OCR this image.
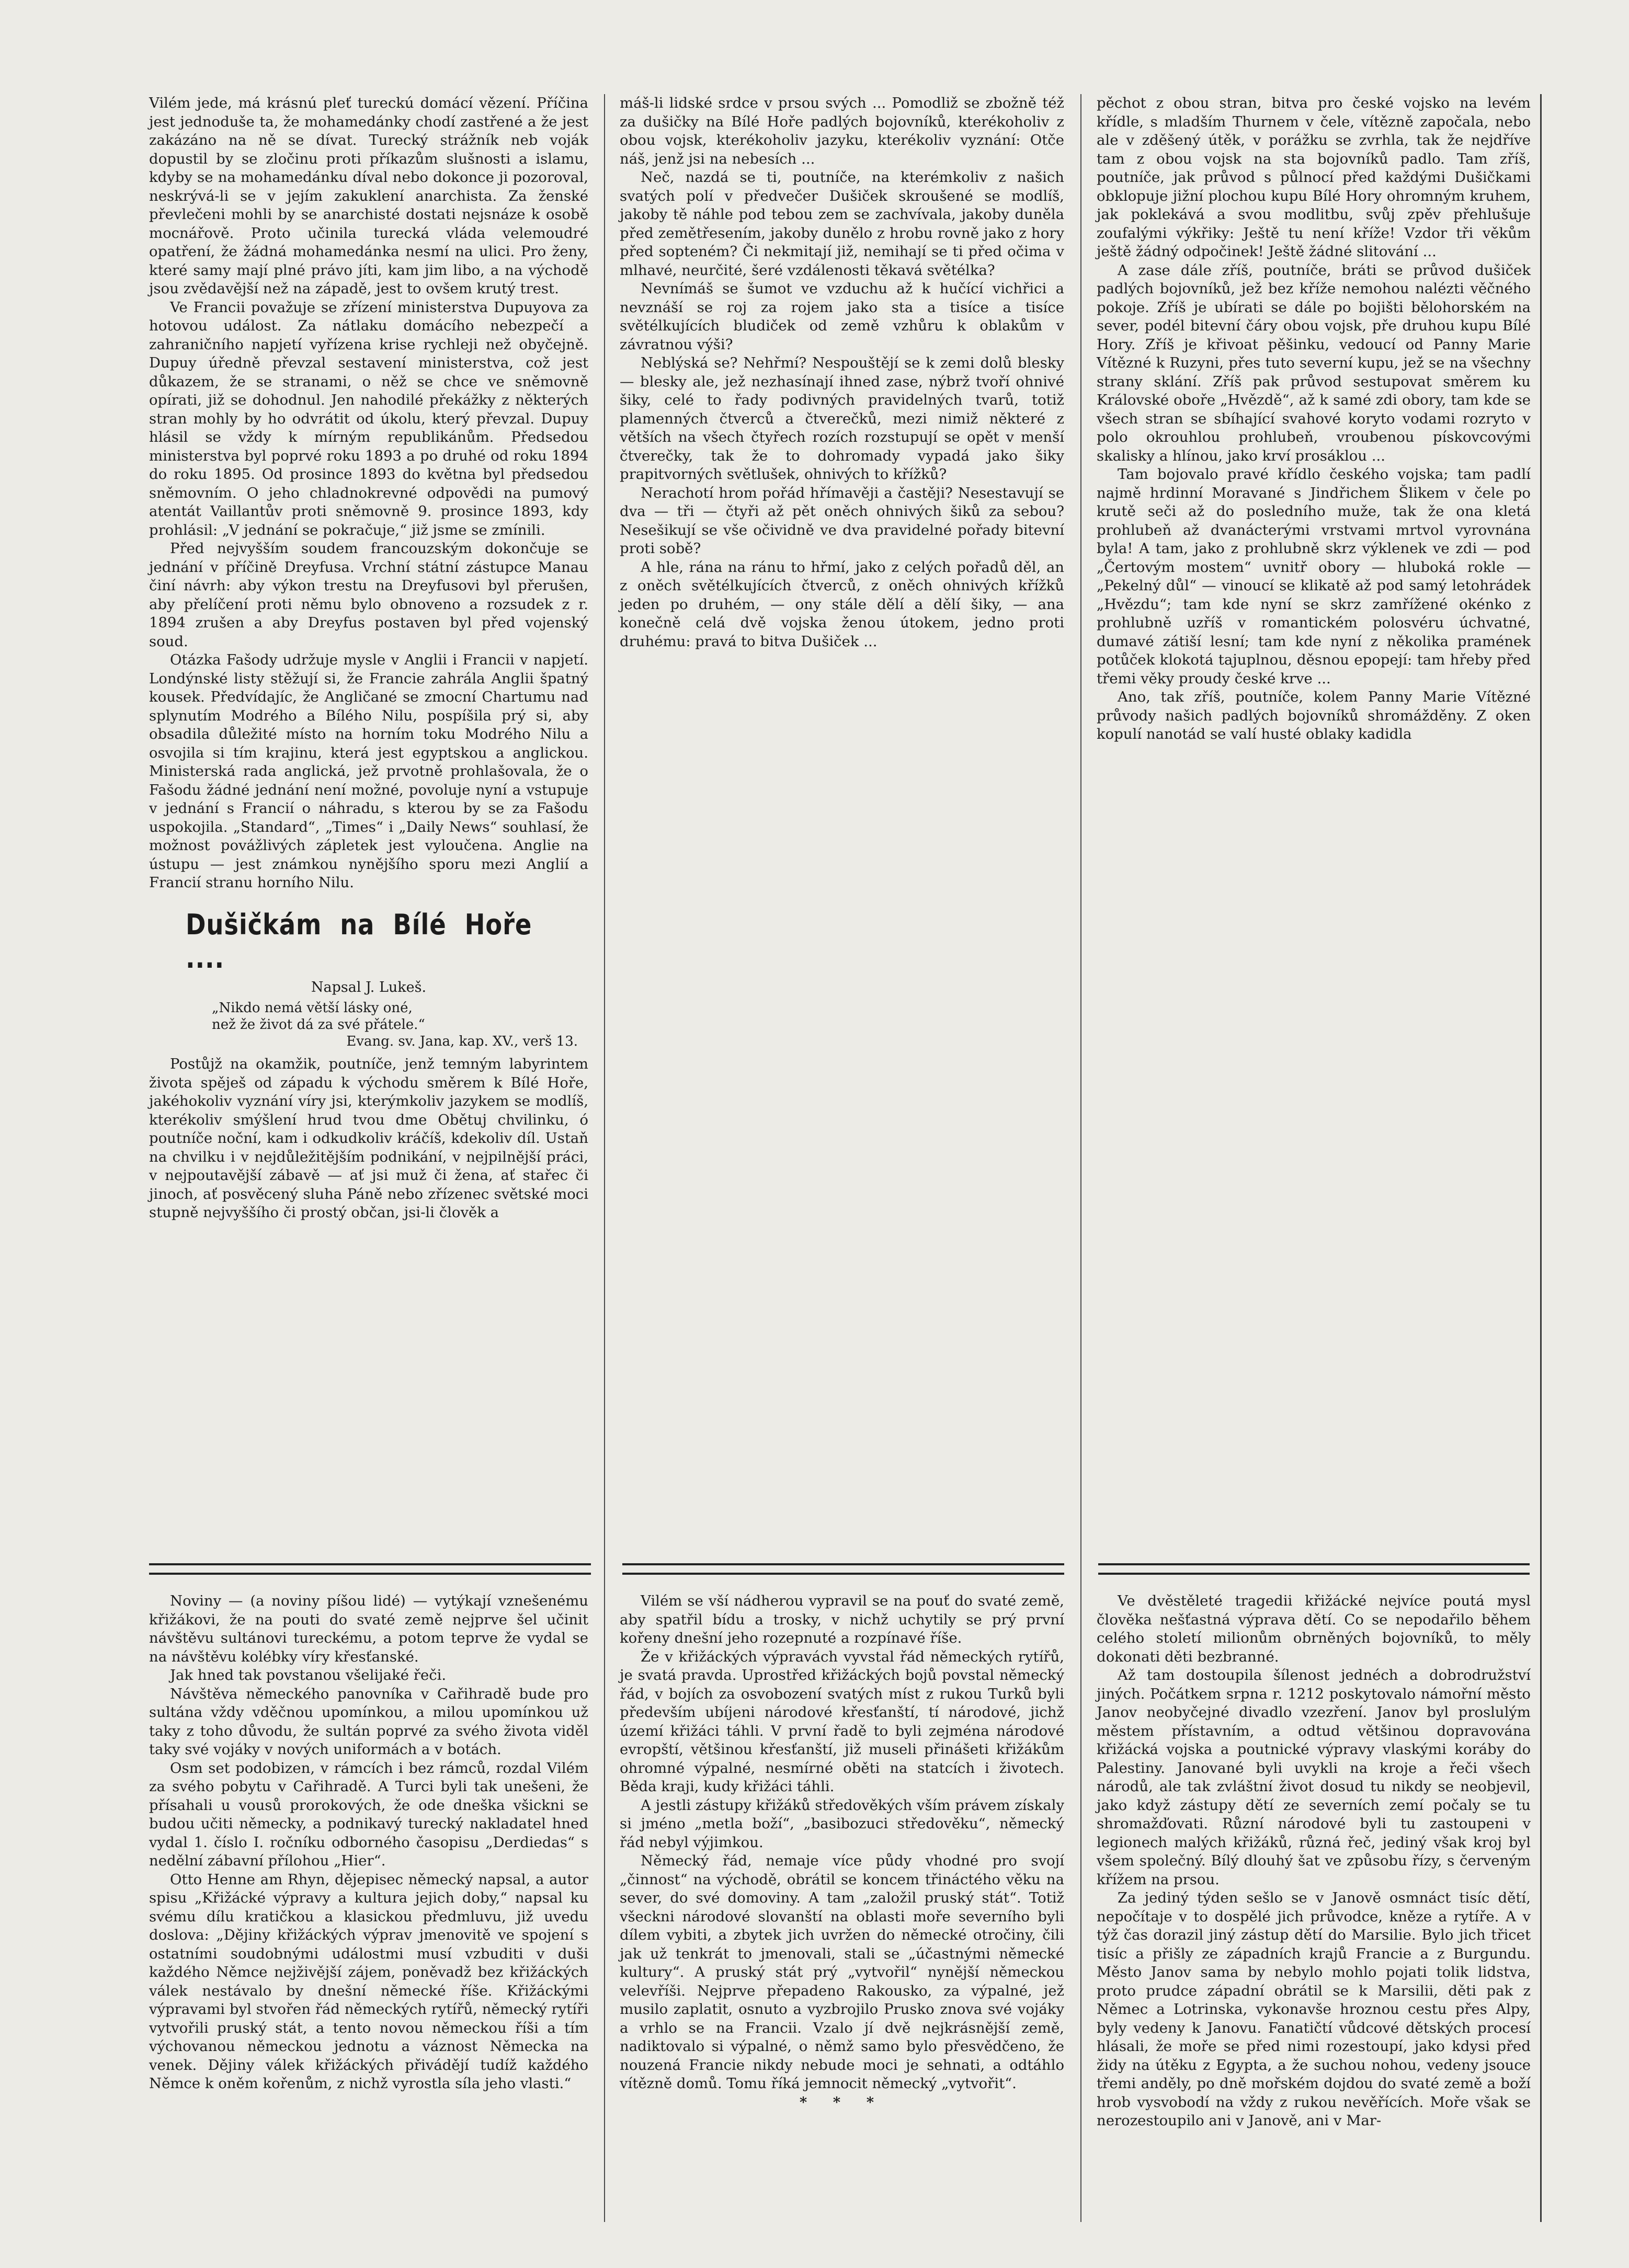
Vilém jede, má krásnú pleť tureckú domácí vězení. Příčina jest jednoduše ta, že mohamedánky chodí zastřené a že jest zakázáno na ně se dívat. Turecký strážník neb voják dopustil by se zločinu proti příkazům slušnosti a islamu, kdyby se na mohamedánku díval nebo dokonce ji pozoroval, neskrývá-li se v jejím zakuklení anarchista. Za ženské převlečeni mohli by se anarchisté dostati nejsnáze k osobě mocnářově. Proto učinila turecká vláda velemoudré opatření, že žádná mohamedánka nesmí na ulici. Pro ženy, které samy mají plné právo jíti, kam jim libo, a na východě jsou zvědavější než na západě, jest to ovšem krutý trest.

Ve Francii považuje se zřízení ministerstva Dupuyova za hotovou událost. Za nátlaku domácího nebezpečí a zahraničního napjetí vyřízena krise rychleji než obyčejně. Dupuy úředně převzal sestavení ministerstva, což jest důkazem, že se stranami, o něž se chce ve sněmovně opírati, již se dohodnul. Jen nahodilé překážky z některých stran mohly by ho odvrátit od úkolu, který převzal. Dupuy hlásil se vždy k mírným republikánům. Předsedou ministerstva byl poprvé roku 1893 a po druhé od roku 1894 do roku 1895. Od prosince 1893 do května byl předsedou sněmovním. O jeho chladnokrevné odpovědi na pumový atentát Vaillantův proti sněmovně 9. prosince 1893, kdy prohlásil: „V jednání se pokračuje,“ již jsme se zmínili.

Před nejvyšším soudem francouzským dokončuje se jednání v příčině Dreyfusa. Vrchní státní zástupce Manau činí návrh: aby výkon trestu na Dreyfusovi byl přerušen, aby přelíčení proti němu bylo obnoveno a rozsudek z r. 1894 zrušen a aby Dreyfus postaven byl před vojenský soud.

Otázka Fašody udržuje mysle v Anglii i Francii v napjetí. Londýnské listy stěžují si, že Francie zahrála Anglii špatný kousek. Předvídajíc, že Angličané se zmocní Chartumu nad splynutím Modrého a Bílého Nilu, pospíšila prý si, aby obsadila důležité místo na horním toku Modrého Nilu a osvojila si tím krajinu, která jest egyptskou a anglickou. Ministerská rada anglická, jež prvotně prohlašovala, že o Fašodu žádné jednání není možné, povoluje nyní a vstupuje v jednání s Francií o náhradu, s kterou by se za Fašodu uspokojila. „Standard“, „Times“ i „Daily News“ souhlasí, že možnost povážlivých zápletek jest vyloučena. Anglie na ústupu — jest známkou nynějšího sporu mezi Anglií a Francií stranu horního Nilu.

Dušičkám na Bílé Hoře ....
Napsal J. Lukeš.
„Nikdo nemá větší lásky oné,
než že život dá za své přátele.“
Evang. sv. Jana, kap. XV., verš 13.

Postůjž na okamžik, poutníče, jenž temným labyrintem života spěješ od západu k východu směrem k Bílé Hoře, jakéhokoliv vyznání víry jsi, kterýmkoliv jazykem se modlíš, kterékoliv smýšlení hrud tvou dme Obětuj chvilinku, ó poutníče noční, kam i odkudkoliv kráčíš, kdekoliv díl. Ustaň na chvilku i v nejdůležitějším podnikání, v nejpilnější práci, v nejpoutavější zábavě — ať jsi muž či žena, ať stařec či jinoch, ať posvěcený sluha Páně nebo zřízenec světské moci stupně nejvyššího či prostý občan, jsi-li člověk a

máš-li lidské srdce v prsou svých ... Pomodliž se zbožně též za dušičky na Bílé Hoře padlých bojovníků, kterékoholiv z obou vojsk, kterékoholiv jazyku, kterékoliv vyznání: Otče náš, jenž jsi na nebesích ...

Neč, nazdá se ti, poutníče, na kterémkoliv z našich svatých polí v předvečer Dušiček skroušené se modlíš, jakoby tě náhle pod tebou zem se zachvívala, jakoby duněla před zemětřesením, jakoby dunělo z hrobu rovně jako z hory před sopteném? Či nekmitají již, nemihají se ti před očima v mlhavé, neurčité, šeré vzdálenosti těkavá světélka?

Nevnímáš se šumot ve vzduchu až k hučící vichřici a nevznáší se roj za rojem jako sta a tisíce a tisíce světélkujících bludiček od země vzhůru k oblakům v závratnou výši?

Neblýská se? Nehřmí? Nespouštějí se k zemi dolů blesky — blesky ale, jež nezhasínají ihned zase, nýbrž tvoří ohnivé šiky, celé to řady podivných pravidelných tvarů, totiž plamenných čtverců a čtverečků, mezi nimiž některé z větších na všech čtyřech rozích rozstupují se opět v menší čtverečky, tak že to dohromady vypadá jako šiky prapitvorných světlušek, ohnivých to křížků?

Nerachotí hrom pořád hřímavěji a častěji? Nesestavují se dva — tři — čtyři až pět oněch ohnivých šiků za sebou? Nesešikují se vše očividně ve dva pravidelné pořady bitevní proti sobě?

A hle, rána na ránu to hřmí, jako z celých pořadů děl, an z oněch světélkujících čtverců, z oněch ohnivých křížků jeden po druhém, — ony stále dělí a dělí šiky, — ana konečně celá dvě vojska ženou útokem, jedno proti druhému: pravá to bitva Dušiček ...

pěchot z obou stran, bitva pro české vojsko na levém křídle, s mladším Thurnem v čele, vítězně započala, nebo ale v zděšený útěk, v porážku se zvrhla, tak že nejdříve tam z obou vojsk na sta bojovníků padlo. Tam zříš, poutníče, jak průvod s půlnocí před každými Dušičkami obklopuje jižní plochou kupu Bílé Hory ohromným kruhem, jak poklekává a svou modlitbu, svůj zpěv přehlušuje zoufalými výkřiky: Ještě tu není kříže! Vzdor tři věkům ještě žádný odpočinek! Ještě žádné slitování ...

A zase dále zříš, poutníče, bráti se průvod dušiček padlých bojovníků, jež bez kříže nemohou nalézti věčného pokoje. Zříš je ubírati se dále po bojišti bělohorském na sever, podél bitevní čáry obou vojsk, pře druhou kupu Bílé Hory. Zříš je křivoat pěšinku, vedoucí od Panny Marie Vítězné k Ruzyni, přes tuto severní kupu, jež se na všechny strany sklání. Zříš pak průvod sestupovat směrem ku Královské oboře „Hvězdě“, až k samé zdi obory, tam kde se všech stran se sbíhající svahové koryto vodami rozryto v polo okrouhlou prohlubeň, vroubenou pískovcovými skalisky a hlínou, jako krví prosáklou ...

Tam bojovalo pravé křídlo českého vojska; tam padlí najmě hrdinní Moravané s Jindřichem Šlikem v čele po krutě seči až do posledního muže, tak že ona kletá prohlubeň až dvanácterými vrstvami mrtvol vyrovnána byla! A tam, jako z prohlubně skrz výklenek ve zdi — pod „Čertovým mostem“ uvnitř obory — hluboká rokle — „Pekelný důl“ — vinoucí se klikatě až pod samý letohrádek „Hvězdu“; tam kde nyní se skrz zamřížené okénko z prohlubně uzříš v romantickém polosvéru úchvatné, dumavé zátiší lesní; tam kde nyní z několika pramének potůček klokotá tajuplnou, děsnou epopejí: tam hřeby před třemi věky proudy české krve ...

Ano, tak zříš, poutníče, kolem Panny Marie Vítězné průvody našich padlých bojovníků shromážděny. Z oken kopulí nanotád se valí husté oblaky kadidla

Noviny — (a noviny píšou lidé) — vytýkají vznešenému křižákovi, že na pouti do svaté země nejprve šel učinit návštěvu sultánovi tureckému, a potom teprve že vydal se na návštěvu kolébky víry křesťanské.

Jak hned tak povstanou všelijaké řeči.

Návštěva německého panovníka v Cařihradě bude pro sultána vždy vděčnou upomínkou, a milou upomínkou už taky z toho důvodu, že sultán poprvé za svého života viděl taky své vojáky v nových uniformách a v botách.

Osm set podobizen, v rámcích i bez rámců, rozdal Vilém za svého pobytu v Cařihradě. A Turci byli tak unešeni, že přísahali u vousů prorokových, že ode dneška všickni se budou učiti německy, a podnikavý turecký nakladatel hned vydal 1. číslo I. ročníku odborného časopisu „Derdiedas“ s nedělní zábavní přílohou „Hier“.

Otto Henne am Rhyn, dějepisec německý napsal, a autor spisu „Křižácké výpravy a kultura jejich doby,“ napsal ku svému dílu kratičkou a klasickou předmluvu, již uvedu doslova: „Dějiny křižáckých výprav jmenovitě ve spojení s ostatními soudobnými událostmi musí vzbuditi v duši každého Němce nejživější zájem, poněvadž bez křižáckých válek nestávalo by dnešní německé říše. Křižáckými výpravami byl stvořen řád německých rytířů, německý rytíři vytvořili pruský stát, a tento novou německou říši a tím výchovanou německou jednotu a váznost Německa na venek. Dějiny válek křižáckých přivádějí tudíž každého Němce k oněm kořenům, z nichž vyrostla síla jeho vlasti.“

Vilém se vší nádherou vypravil se na pouť do svaté země, aby spatřil bídu a trosky, v nichž uchytily se prý první kořeny dnešní jeho rozepnuté a rozpínavé říše.

Že v křižáckých výpravách vyvstal řád německých rytířů, je svatá pravda. Uprostřed křižáckých bojů povstal německý řád, v bojích za osvobození svatých míst z rukou Turků byli především ubíjeni národové křesťanští, tí národové, jichž území křižáci táhli. V první řadě to byli zejména národové evropští, většinou křesťanští, již museli přinášeti křižákům ohromné výpalné, nesmírné oběti na statcích i životech. Běda kraji, kudy křižáci táhli.

A jestli zástupy křižáků středověkých vším právem získaly si jméno „metla boží“, „basibozuci středověku“, německý řád nebyl výjimkou.

Německý řád, nemaje více půdy vhodné pro svojí „činnost“ na východě, obrátil se koncem třináctého věku na sever, do své domoviny. A tam „založil pruský stát“. Totiž všeckni národové slovanští na oblasti moře severního byli dílem vybiti, a zbytek jich uvržen do německé otročiny, čili jak už tenkrát to jmenovali, stali se „účastnými německé kultury“. A pruský stát prý „vytvořil“ nynější německou velevříši. Nejprve přepadeno Rakousko, za výpalné, jež musilo zaplatit, osnuto a vyzbrojilo Prusko znova své vojáky a vrhlo se na Francii. Vzalo jí dvě nejkrásnější země, nadiktovalo si výpalné, o němž samo bylo přesvědčeno, že nouzená Francie nikdy nebude moci je sehnati, a odtáhlo vítězně domů. Tomu říká jemnocit německý „vytvořit“.

* * *

Ve dvěstěleté tragedii křižácké nejvíce poutá mysl člověka nešťastná výprava dětí. Co se nepodařilo během celého století milionům obrněných bojovníků, to měly dokonati děti bezbranné.

Až tam dostoupila šílenost jednéch a dobrodružství jiných. Počátkem srpna r. 1212 poskytovalo námořní město Janov neobyčejné divadlo vzezření. Janov byl proslulým městem přístavním, a odtud většinou dopravována křižácká vojska a poutnické výpravy vlaskými koráby do Palestiny. Janované byli uvykli na kroje a řeči všech národů, ale tak zvláštní život dosud tu nikdy se neobjevil, jako když zástupy dětí ze severních zemí počaly se tu shromažďovati. Různí národové byli tu zastoupeni v legionech malých křižáků, různá řeč, jediný však kroj byl všem společný. Bílý dlouhý šat ve způsobu řízy, s červeným křížem na prsou.

Za jediný týden sešlo se v Janově osmnáct tisíc dětí, nepočítaje v to dospělé jich průvodce, kněze a rytíře. A v týž čas dorazil jiný zástup dětí do Marsilie. Bylo jich třicet tisíc a přišly ze západních krajů Francie a z Burgundu. Město Janov sama by nebylo mohlo pojati tolik lidstva, proto prudce západní obrátil se k Marsilii, děti pak z Němec a Lotrinska, vykonavše hroznou cestu přes Alpy, byly vedeny k Janovu. Fanatičtí vůdcové dětských procesí hlásali, že moře se před nimi rozestoupí, jako kdysi před židy na útěku z Egypta, a že suchou nohou, vedeny jsouce třemi anděly, po dně mořském dojdou do svaté země a boží hrob vysvobodí na vždy z rukou nevěřících. Moře však se nerozestoupilo ani v Janově, ani v Mar-
